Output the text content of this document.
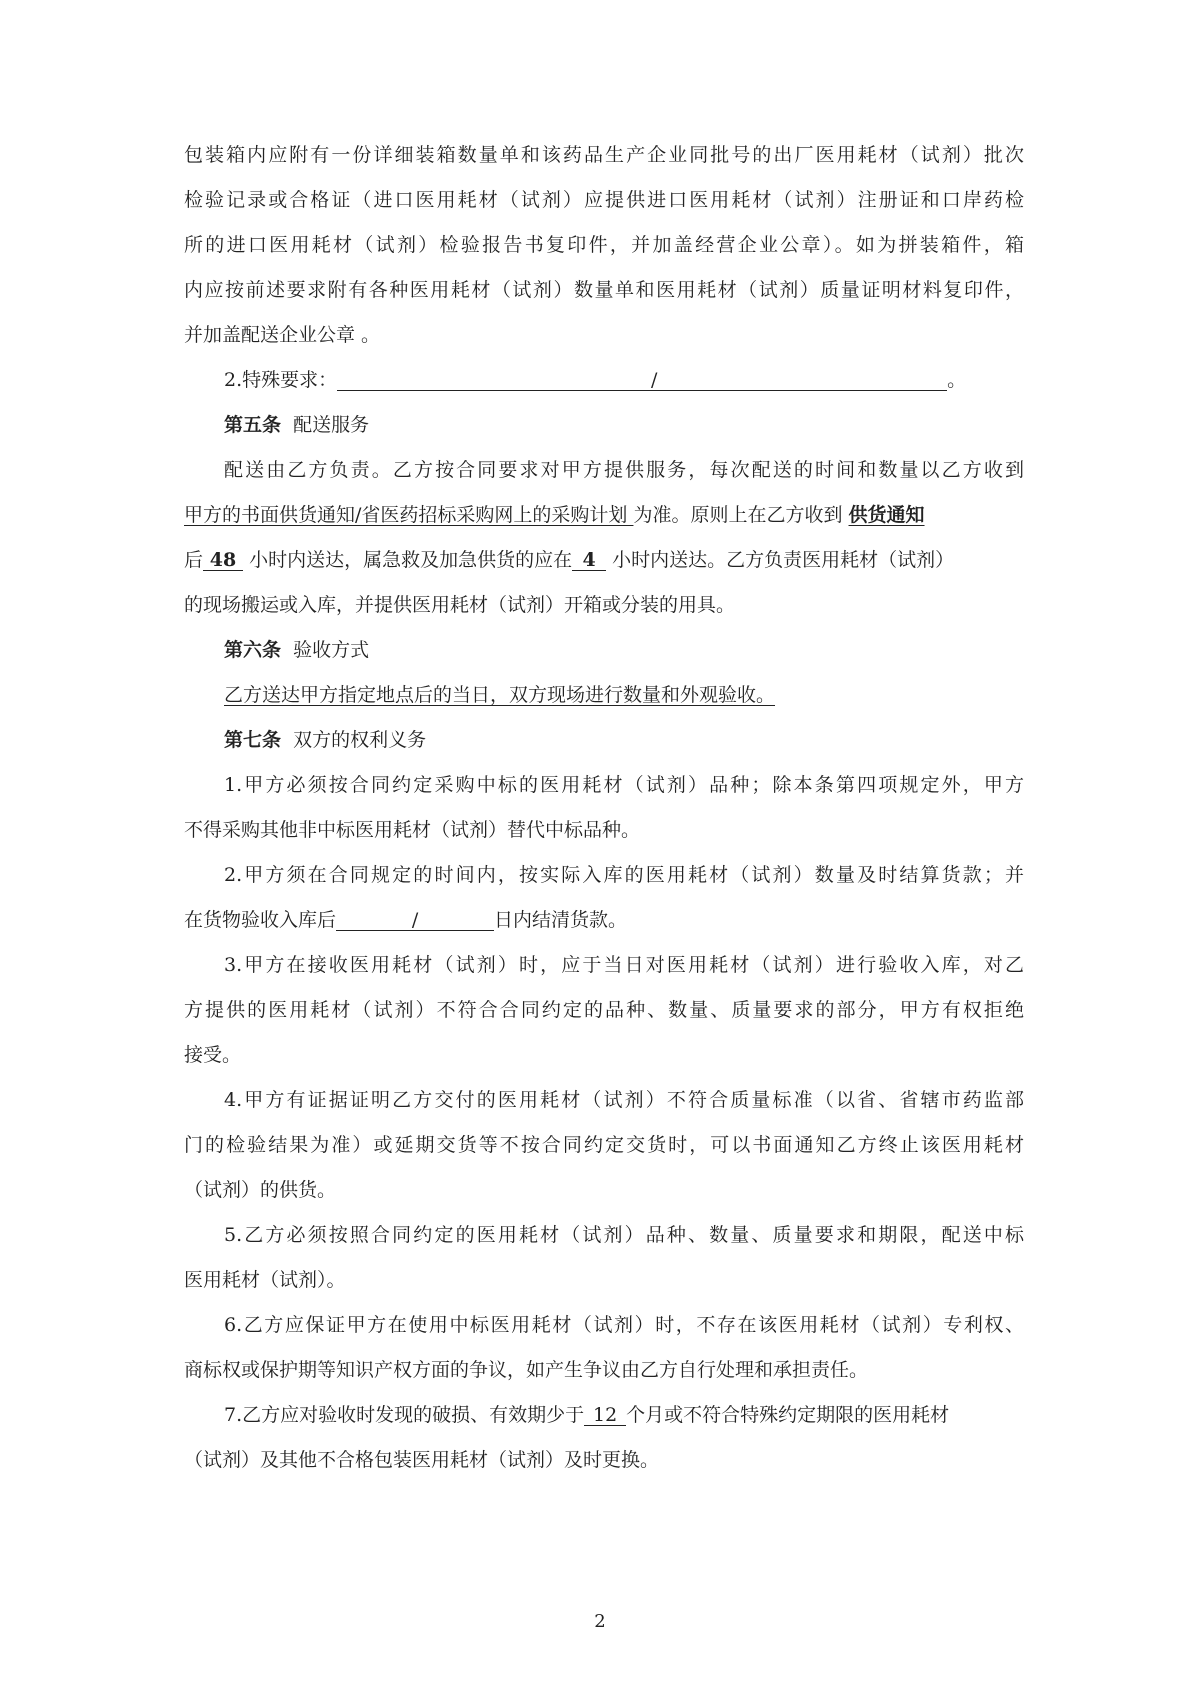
包装箱内应附有一份详细装箱数量单和该药品生产企业同批号的出厂医用耗材（试剂）批次
检验记录或合格证（进口医用耗材（试剂）应提供进口医用耗材（试剂）注册证和口岸药检
所的进口医用耗材（试剂）检验报告书复印件，并加盖经营企业公章）。如为拼装箱件，箱
内应按前述要求附有各种医用耗材（试剂）数量单和医用耗材（试剂）质量证明材料复印件，
并加盖配送企业公章 。
2.特殊要求：	/	。
第五条 配送服务
配送由乙方负责。乙方按合同要求对甲方提供服务，每次配送的时间和数量以乙方收到
甲方的书面供货通知/省医药招标采购网上的采购计划 为准。原则上在乙方收到 供货通知
后 48 小时内送达，属急救及加急供货的应在 4 小时内送达。乙方负责医用耗材（试剂）
的现场搬运或入库，并提供医用耗材（试剂）开箱或分装的用具。
第六条 验收方式
乙方送达甲方指定地点后的当日，双方现场进行数量和外观验收。
第七条 双方的权利义务
1.甲方必须按合同约定采购中标的医用耗材（试剂）品种；除本条第四项规定外，甲方
不得采购其他非中标医用耗材（试剂）替代中标品种。
2.甲方须在合同规定的时间内，按实际入库的医用耗材（试剂）数量及时结算货款；并
在货物验收入库后	/	日内结清货款。
3.甲方在接收医用耗材（试剂）时，应于当日对医用耗材（试剂）进行验收入库，对乙
方提供的医用耗材（试剂）不符合合同约定的品种、数量、质量要求的部分，甲方有权拒绝
接受。
4.甲方有证据证明乙方交付的医用耗材（试剂）不符合质量标准（以省、省辖市药监部
门的检验结果为准）或延期交货等不按合同约定交货时，可以书面通知乙方终止该医用耗材
（试剂）的供货。
5.乙方必须按照合同约定的医用耗材（试剂）品种、数量、质量要求和期限，配送中标
医用耗材（试剂）。
6.乙方应保证甲方在使用中标医用耗材（试剂）时，不存在该医用耗材（试剂）专利权、
商标权或保护期等知识产权方面的争议，如产生争议由乙方自行处理和承担责任。
7.乙方应对验收时发现的破损、有效期少于 12 个月或不符合特殊约定期限的医用耗材
（试剂）及其他不合格包装医用耗材（试剂）及时更换。
2
